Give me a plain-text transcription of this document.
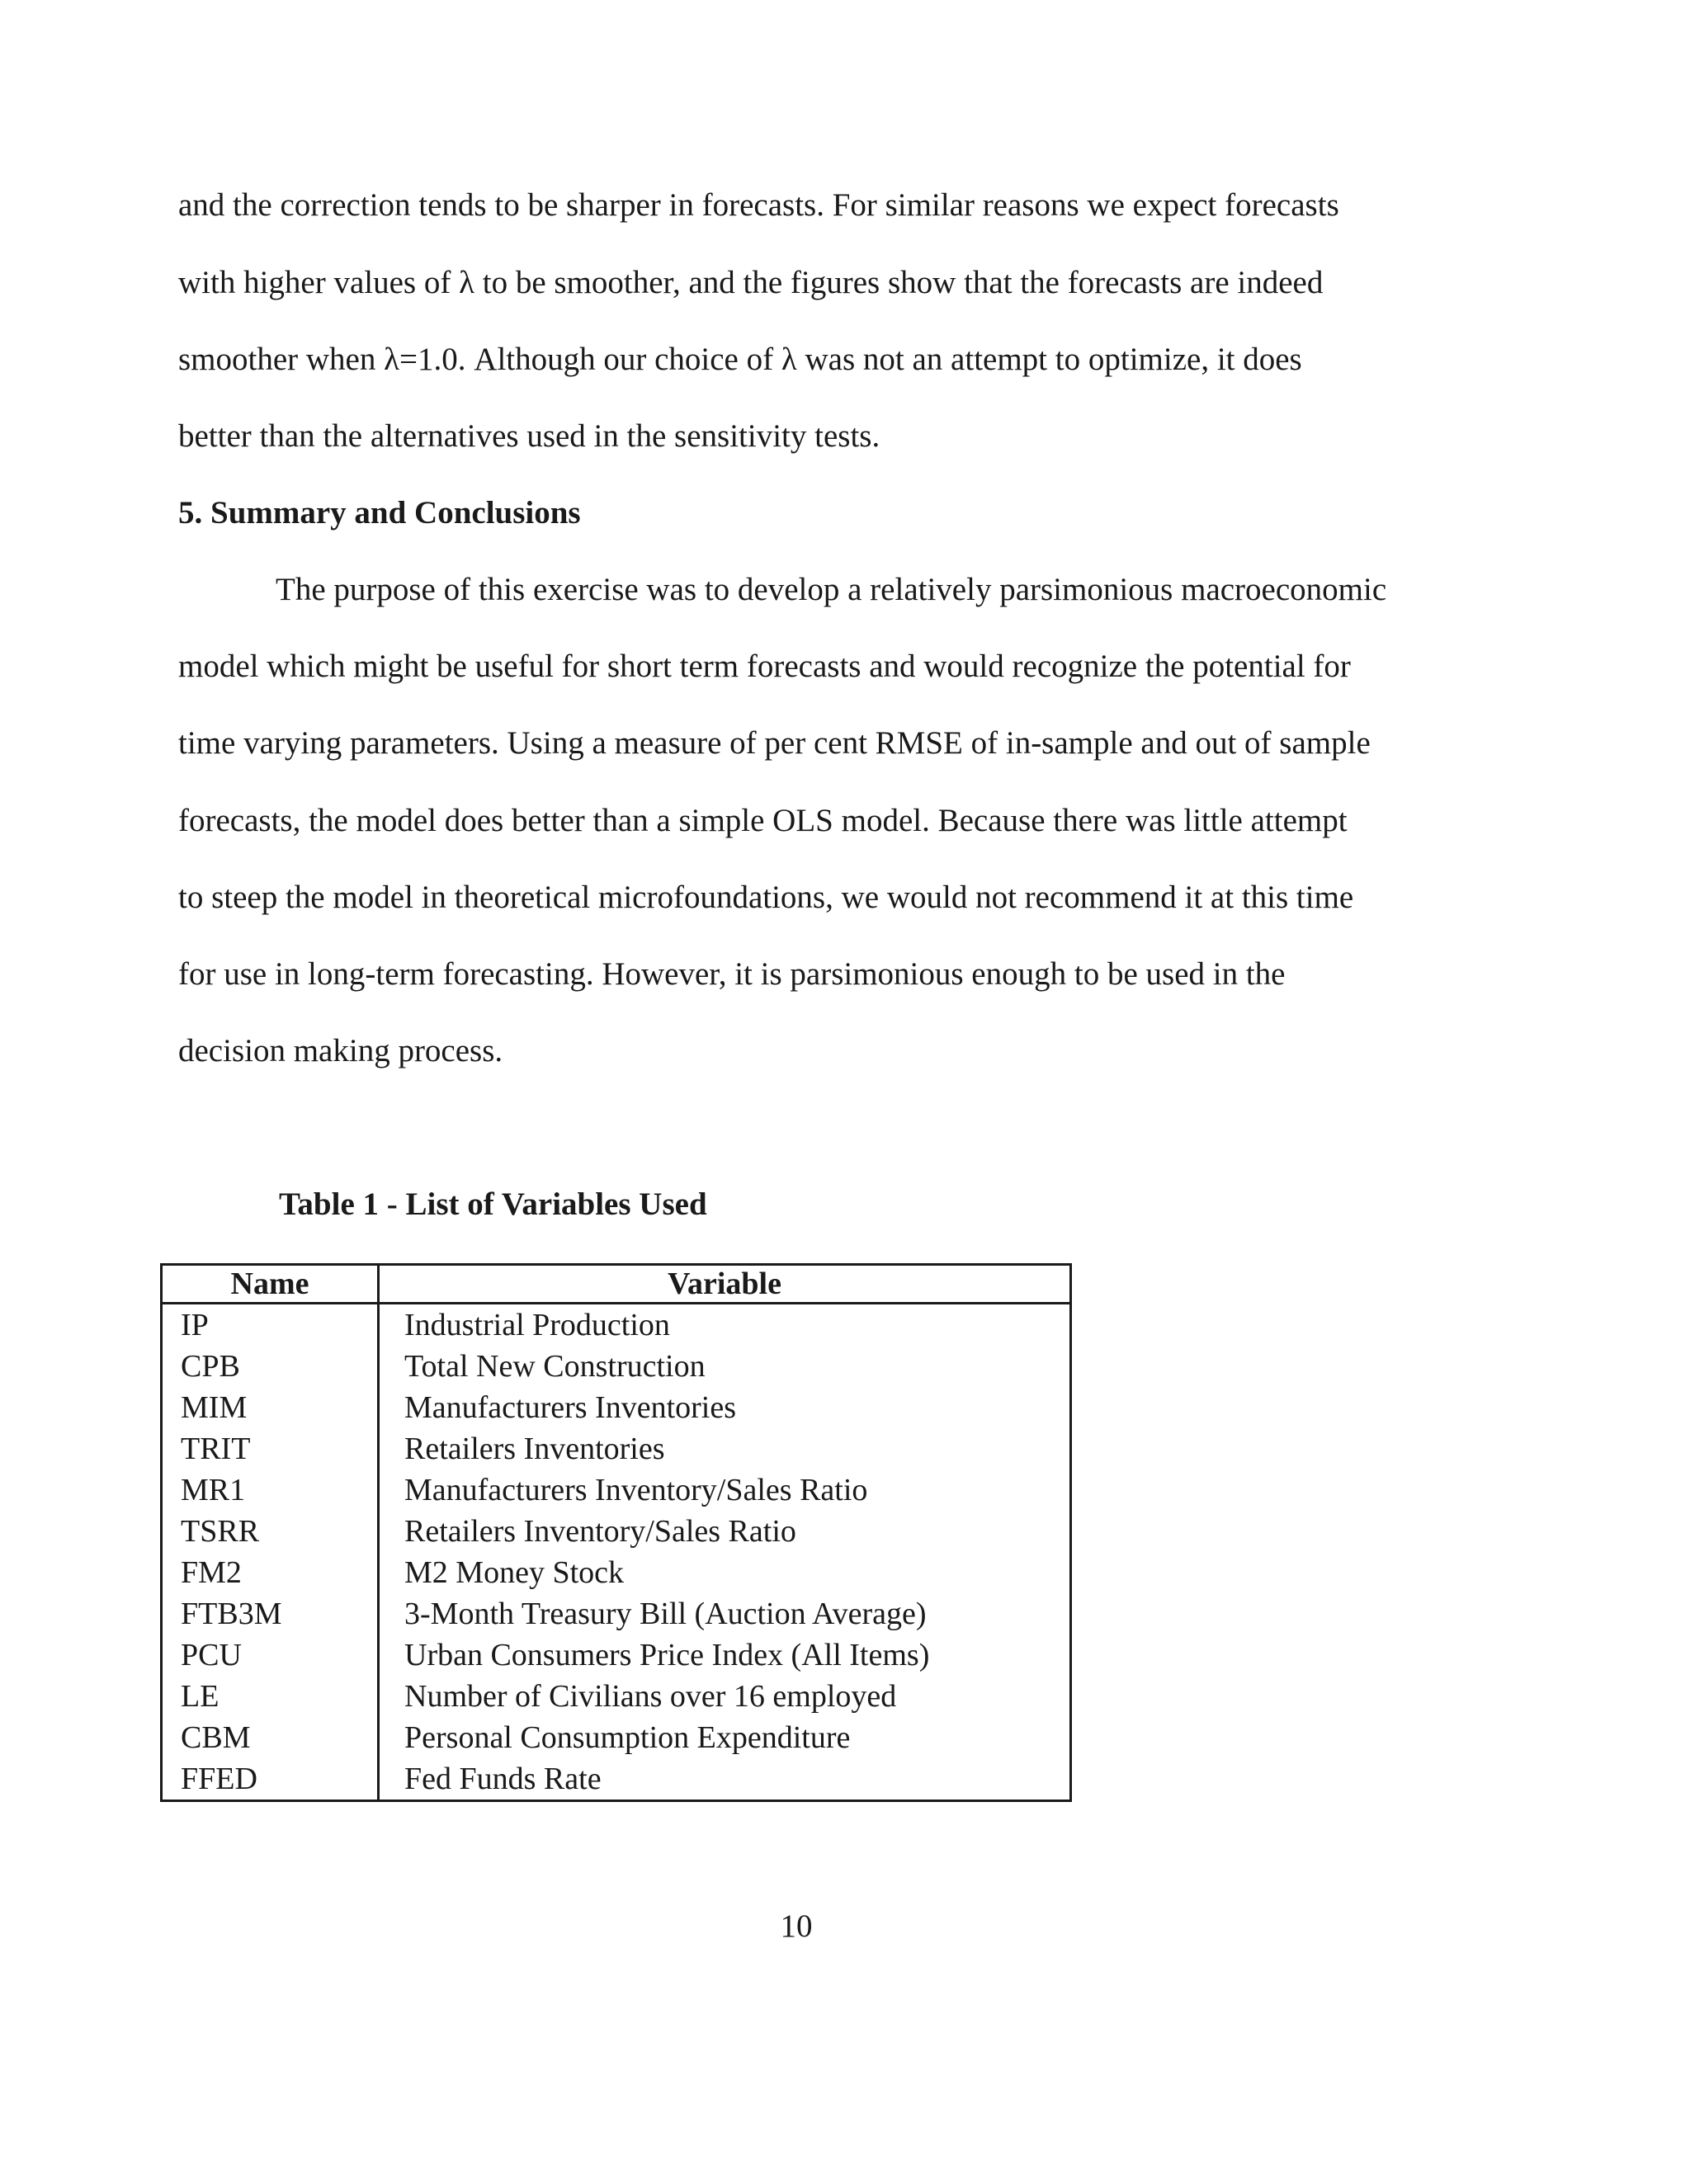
and the correction tends to be sharper in forecasts. For similar reasons we expect forecasts
with higher values of λ to be smoother, and the figures show that the forecasts are indeed
smoother when λ=1.0. Although our choice of λ was not an attempt to optimize, it does
better than the alternatives used in the sensitivity tests.
5. Summary and Conclusions
The purpose of this exercise was to develop a relatively parsimonious macroeconomic
model which might be useful for short term forecasts and would recognize the potential for
time varying parameters. Using a measure of per cent RMSE of in-sample and out of sample
forecasts, the model does better than a simple OLS model. Because there was little attempt
to steep the model in theoretical microfoundations, we would not recommend it at this time
for use in long-term forecasting. However, it is parsimonious enough to be used in the
decision making process.
Table 1 - List of Variables Used
Name	Variable
IP	Industrial Production
CPB	Total New Construction
MIM	Manufacturers Inventories
TRIT	Retailers Inventories
MR1	Manufacturers Inventory/Sales Ratio
TSRR	Retailers Inventory/Sales Ratio
FM2	M2 Money Stock
FTB3M	3-Month Treasury Bill (Auction Average)
PCU	Urban Consumers Price Index (All Items)
LE	Number of Civilians over 16 employed
CBM	Personal Consumption Expenditure
FFED	Fed Funds Rate
10
